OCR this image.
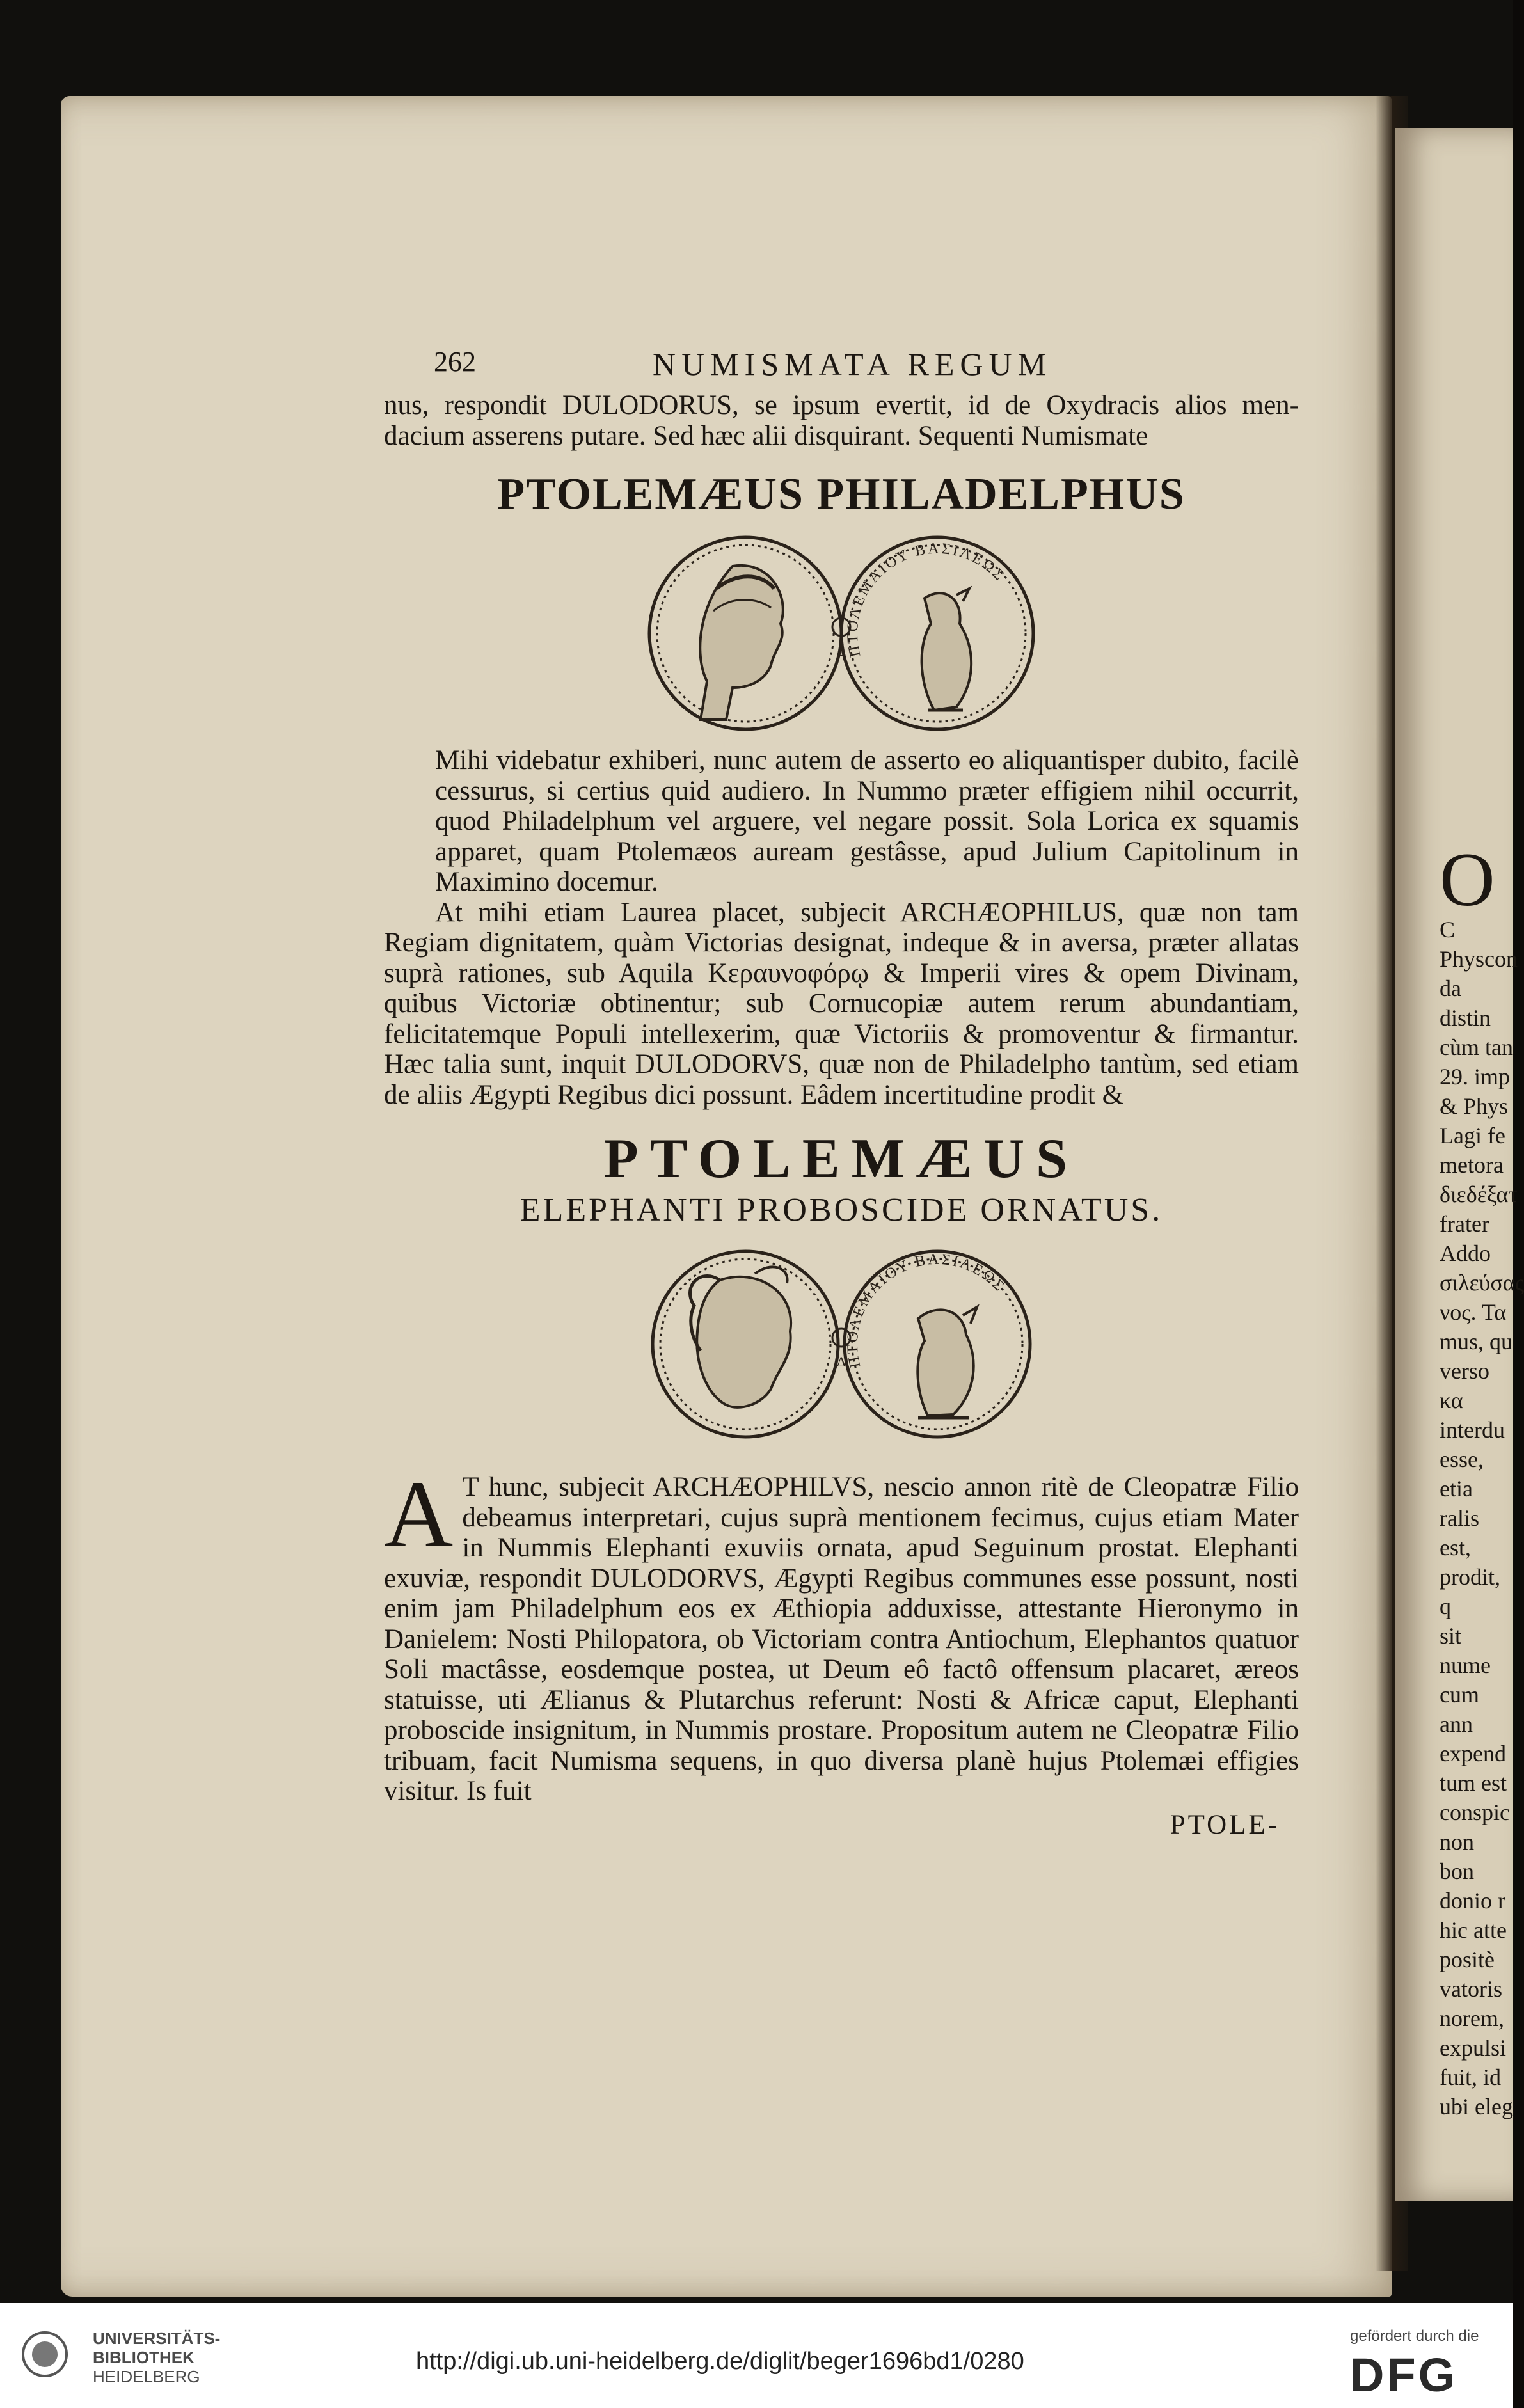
262	NUMISMATA REGUM

nus, respondit DULODORUS, se ipsum evertit, id de Oxydracis alios men-

dacium asserens putare. Sed hæc alii disquirant. Sequenti Numismate

PTOLEMÆUS PHILADELPHUS
Δ
ΠΤΟΛΕΜΑΙΟΥ ΒΑΣΙΛΕΩΣ

Mihi videbatur exhiberi, nunc autem de asserto eo aliquantisper dubito, facilè cessurus, si certius quid audiero. In Nummo præter effigiem nihil occurrit, quod Philadelphum vel arguere, vel negare possit. Sola Lorica ex squamis apparet, quam Ptolemæos auream gestâsse, apud Julium Capitolinum in Maximino docemur.

At mihi etiam Laurea placet, subjecit ARCHÆOPHILUS, quæ non tam Regiam dignitatem, quàm Victorias designat, indeque & in aversa, præter allatas suprà rationes, sub Aquila Κεραυνοφόρῳ & Imperii vires & opem Divinam, quibus Victoriæ obtinentur; sub Cornucopiæ autem rerum abundantiam, felicitatemque Populi intellexerim, quæ Victoriis & promoventur & firmantur. Hæc talia sunt, inquit DULODORVS, quæ non de Philadelpho tantùm, sed etiam de aliis Ægypti Regibus dici possunt. Eâdem incertitudine prodit &

PTOLEMÆUS
ELEPHANTI PROBOSCIDE ORNATUS.
Δ
ΠΤΟΛΕΜΑΙΟΥ ΒΑΣΙΛΕΩΣ
A T hunc, subjecit ARCHÆOPHILVS, nescio annon ritè de Cleopatræ Filio debeamus interpretari, cujus suprà mentionem fecimus, cujus etiam Mater in Nummis Elephanti exuviis ornata, apud Seguinum prostat. Elephanti exuviæ, respondit DULODORVS, Ægypti Regibus communes esse possunt, nosti enim jam Philadelphum eos ex Æthiopia adduxisse, attestante Hieronymo in Danielem: Nosti Philopatora, ob Victoriam contra Antiochum, Elephantos quatuor Soli mactâsse, eosdemque postea, ut Deum eô factô offensum placaret, æreos statuisse, uti Ælianus & Plutarchus referunt: Nosti & Africæ caput, Elephanti proboscide insignitum, in Nummis prostare. Propositum autem ne Cleopatræ Filio tribuam, facit Numisma sequens, in quo diversa planè hujus Ptolemæi effigies visitur. Is fuit

PTOLE-
O
C
Physcon
da distin
cùm tan
29. imp
& Phys
Lagi fe
metora
διεδέξατ
frater
Addo
σιλεύσας
νος. Τα
mus, qu
verso κα
interdu
esse, etia
ralis est,
prodit, q
sit nume
cum ann
expend
tum est
conspic
non bon
donio r
hic atte
positè
vatoris
norem,
expulsi
fuit, id
ubi eleg
UNIVERSITÄTS-
BIBLIOTHEK
HEIDELBERG
http://digi.ub.uni-heidelberg.de/diglit/beger1696bd1/0280
gefördert durch die
DFG
